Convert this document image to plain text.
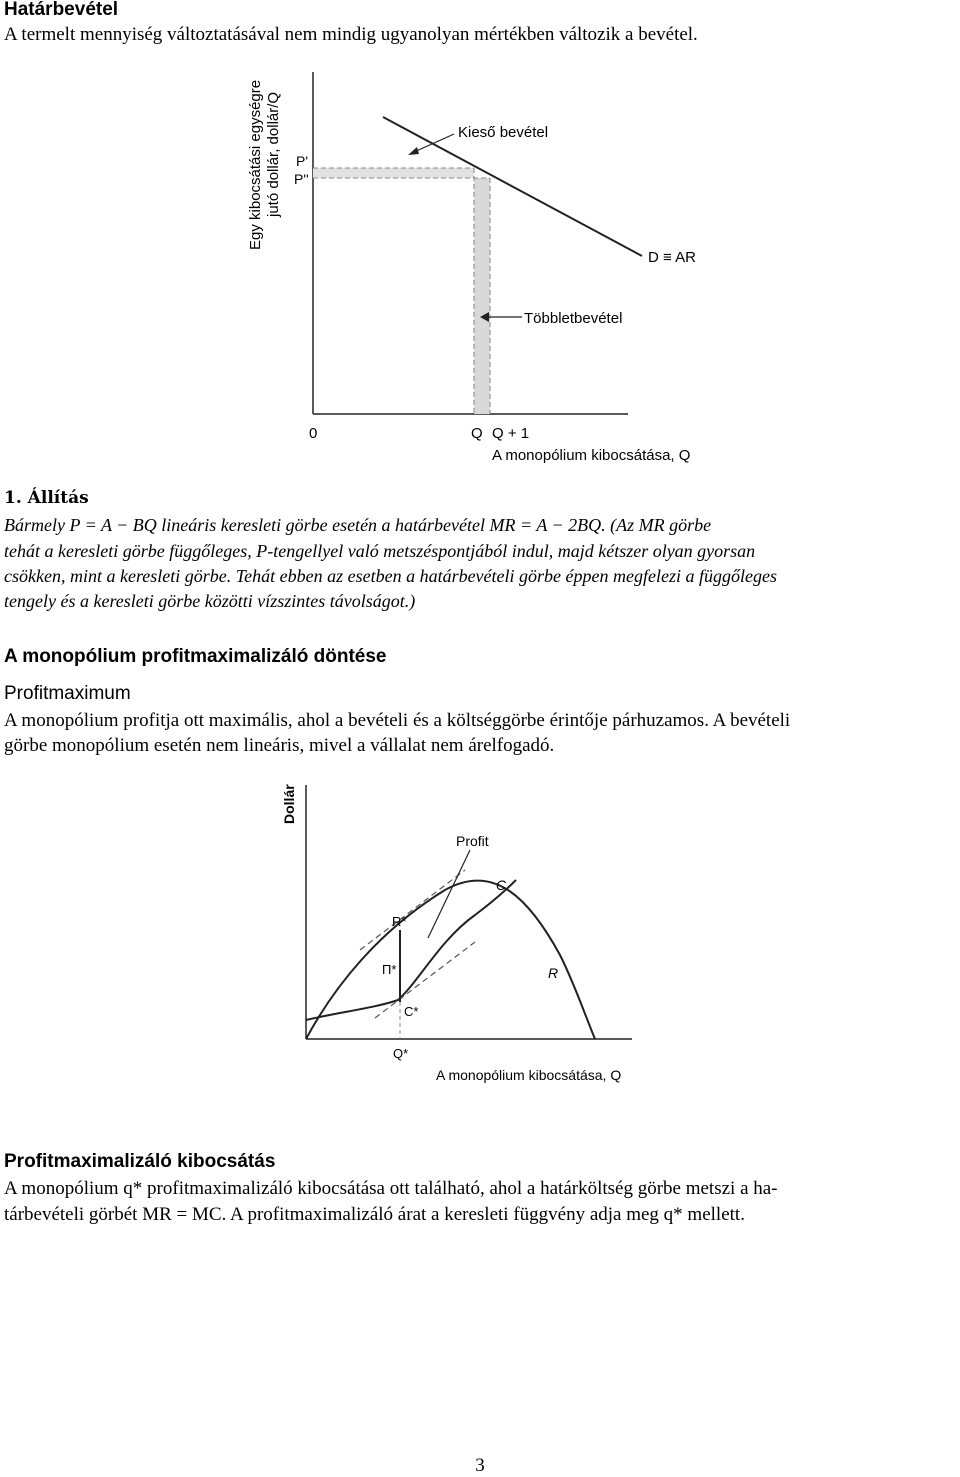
Határbevétel
A termelt mennyiség változtatásával nem mindig ugyanolyan mértékben változik a bevétel.
Egy kibocsátási egységre jutó dollár, dollár/Q P'
P''
Kieső bevétel
D ≡ AR
Többletbevétel
0	Q Q + 1
A monopólium kibocsátása, Q
1. Állítás
Bármely P = A − BQ lineáris keresleti görbe esetén a határbevétel MR = A − 2BQ. (Az MR görbe
tehát a keresleti görbe függőleges, P-tengellyel való metszéspontjából indul, majd kétszer olyan gyorsan
csökken, mint a keresleti görbe. Tehát ebben az esetben a határbevételi görbe éppen megfelezi a függőleges
tengely és a keresleti görbe közötti vízszintes távolságot.)
A monopólium profitmaximalizáló döntése
Profitmaximum
A monopólium profitja ott maximális, ahol a bevételi és a költséggörbe érintője párhuzamos. A bevételi
görbe monopólium esetén nem lineáris, mivel a vállalat nem árelfogadó.
Dollár
Profit
C
R*
Π*	R
C*
Q*
A monopólium kibocsátása, Q
Profitmaximalizáló kibocsátás
A monopólium q* profitmaximalizáló kibocsátása ott található, ahol a határköltség görbe metszi a ha-
tárbevételi görbét MR = MC. A profitmaximalizáló árat a keresleti függvény adja meg q* mellett.
3
